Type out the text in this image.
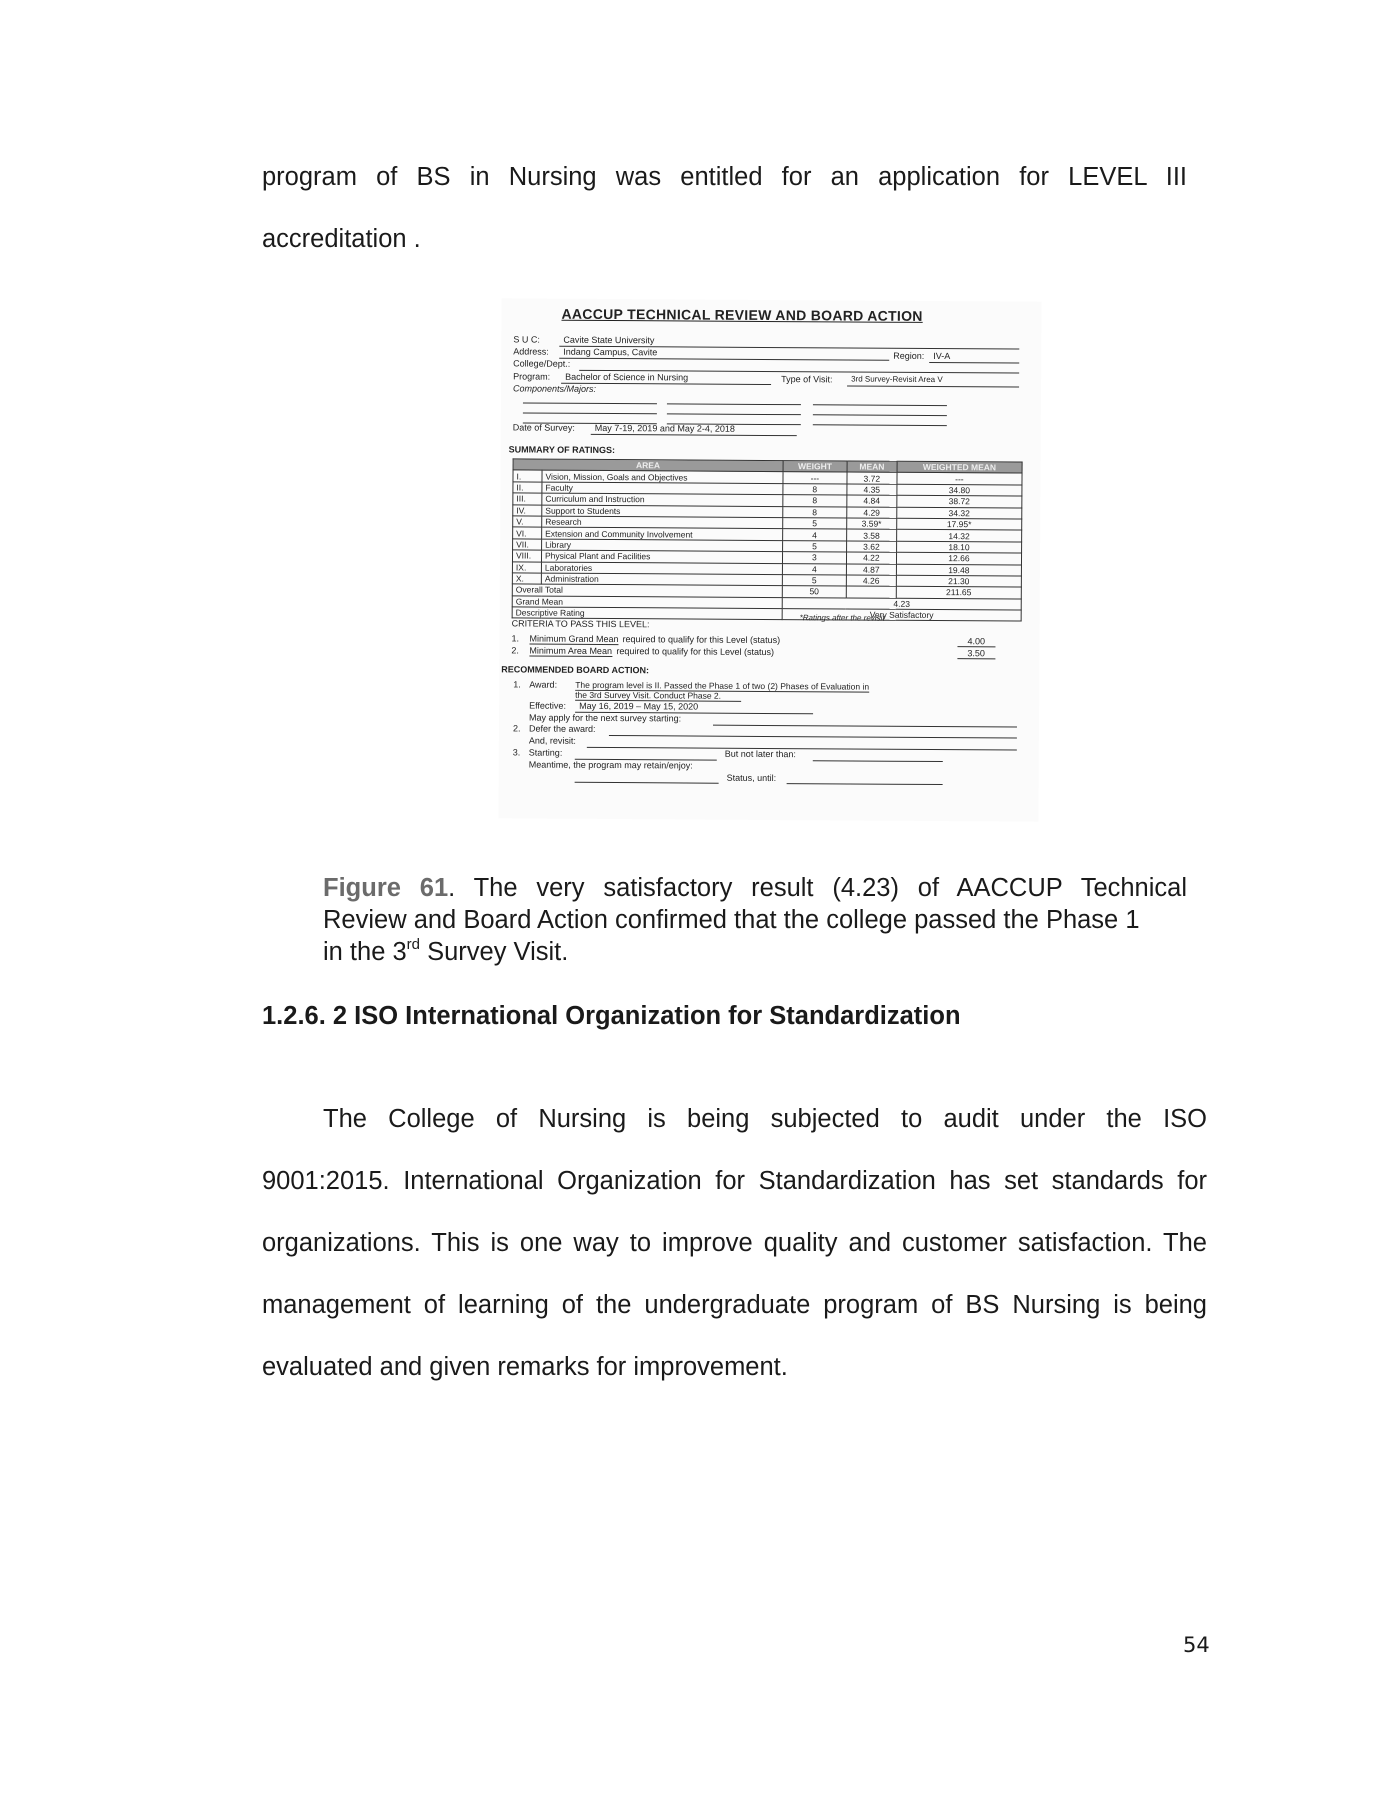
program of BS in Nursing was entitled for an application for LEVEL III
accreditation .
AACCUP TECHNICAL REVIEW AND BOARD ACTION
S U C:	Cavite State University
Address: Indang Campus, Cavite	Region: IV-A
College/Dept.:
Program: Bachelor of Science in Nursing	Type of Visit: 3rd Survey-Revisit Area V
Components/Majors:
Date of Survey: May 7-19, 2019 and May 2-4, 2018
SUMMARY OF RATINGS:
AREA		WEIGHT	MEAN	WEIGHTED MEAN
I.	Vision, Mission, Goals and Objectives	---	3.72	---
II.	Faculty	8	4.35	34.80
III.	Curriculum and Instruction	8	4.84	38.72
IV.	Support to Students	8	4.29	34.32
V.	Research	5	3.59*	17.95*
VI.	Extension and Community Involvement	4	3.58	14.32
VII.	Library	5	3.62	18.10
VIII.	Physical Plant and Facilities	3	4.22	12.66
IX.	Laboratories	4	4.87	19.48
X.	Administration	5	4.26	21.30
Overall Total		50		211.65
Grand Mean		4.23		
Descriptive Rating		Very Satisfactory		
*Ratings after the revisit
CRITERIA TO PASS THIS LEVEL:
1. Minimum Grand Mean required to qualify for this Level (status)	4.00
2. Minimum Area Mean required to qualify for this Level (status)	3.50
RECOMMENDED BOARD ACTION:
1. Award: The program level is II. Passed the Phase 1 of two (2) Phases of Evaluation in
the 3rd Survey Visit. Conduct Phase 2.
Effective: May 16, 2019 – May 15, 2020
May apply for the next survey starting:
2. Defer the award:
And, revisit:
3. Starting:	But not later than:
Meantime, the program may retain/enjoy:
Status, until:
Figure 61. The very satisfactory result (4.23) of AACCUP Technical
Review and Board Action confirmed that the college passed the Phase 1
in the 3rd Survey Visit.
1.2.6. 2 ISO International Organization for Standardization
The College of Nursing is being subjected to audit under the ISO
9001:2015. International Organization for Standardization has set standards for
organizations. This is one way to improve quality and customer satisfaction. The
management of learning of the undergraduate program of BS Nursing is being
evaluated and given remarks for improvement.
54
